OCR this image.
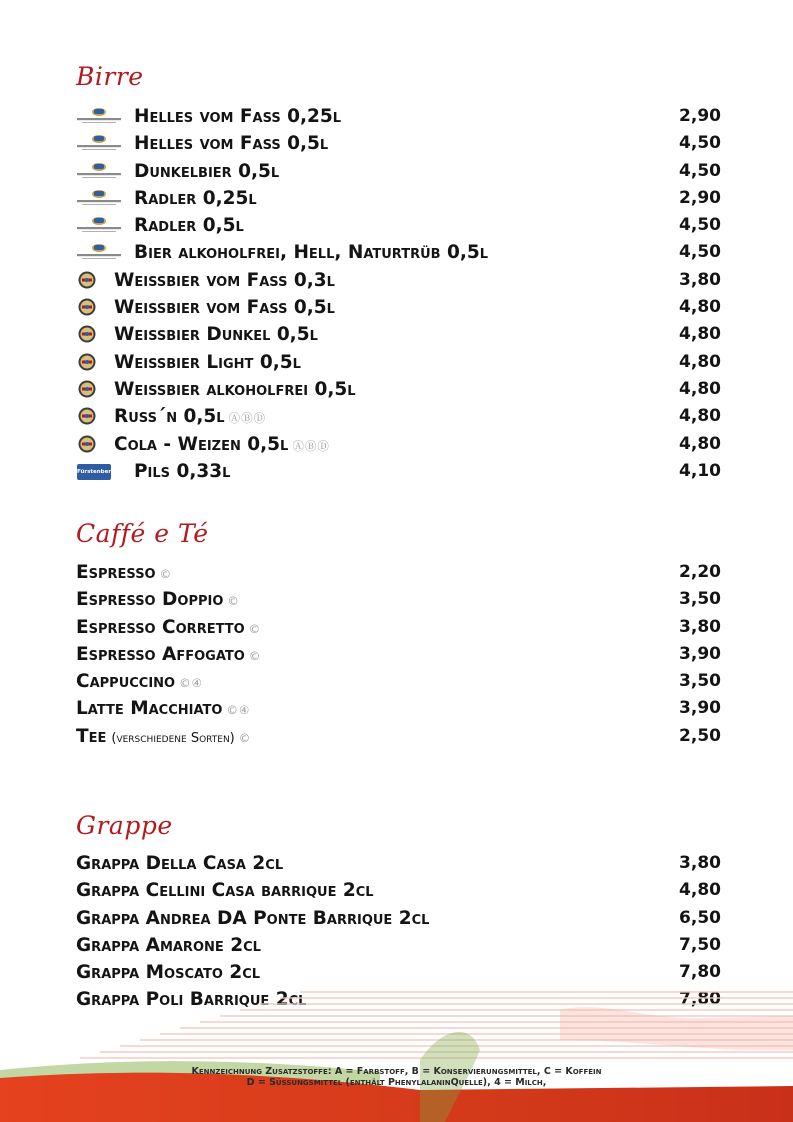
Birre
Helles vom Fass 0,25l	2,90
Helles vom Fass 0,5l	4,50
Dunkelbier 0,5l	4,50
Radler 0,25l	2,90
Radler 0,5l	4,50
Bier alkoholfrei, Hell, Naturtrüb 0,5l	4,50
Weissbier vom Fass 0,3l	3,80
Weissbier vom Fass 0,5l	4,80
Weissbier Dunkel 0,5l	4,80
Weissbier Light 0,5l	4,80
Weissbier alkoholfrei 0,5l	4,80
Russ´n 0,5l ⒶⒷⒹ	4,80
Cola - Weizen 0,5l ⒶⒷⒹ	4,80
Fürstenberg Pils 0,33l	4,10
Caffé e Té
Espresso ©	2,20
Espresso Doppio ©	3,50
Espresso Corretto ©	3,80
Espresso Affogato ©	3,90
Cappuccino ©④	3,50
Latte Macchiato ©④	3,90
Tee (verschiedene Sorten) ©	2,50
Grappe
Grappa Della Casa 2cl	3,80
Grappa Cellini Casa barrique 2cl	4,80
Grappa Andrea DA Ponte Barrique 2cl	6,50
Grappa Amarone 2cl	7,50
Grappa Moscato 2cl	7,80
Grappa Poli Barrique 2cl	7,80
Kennzeichnung Zusatzstoffe: A = Farbstoff, B = Konservierungsmittel, C = Koffein
D = Süssungsmittel (enthält PhenylalaninQuelle), 4 = Milch,
